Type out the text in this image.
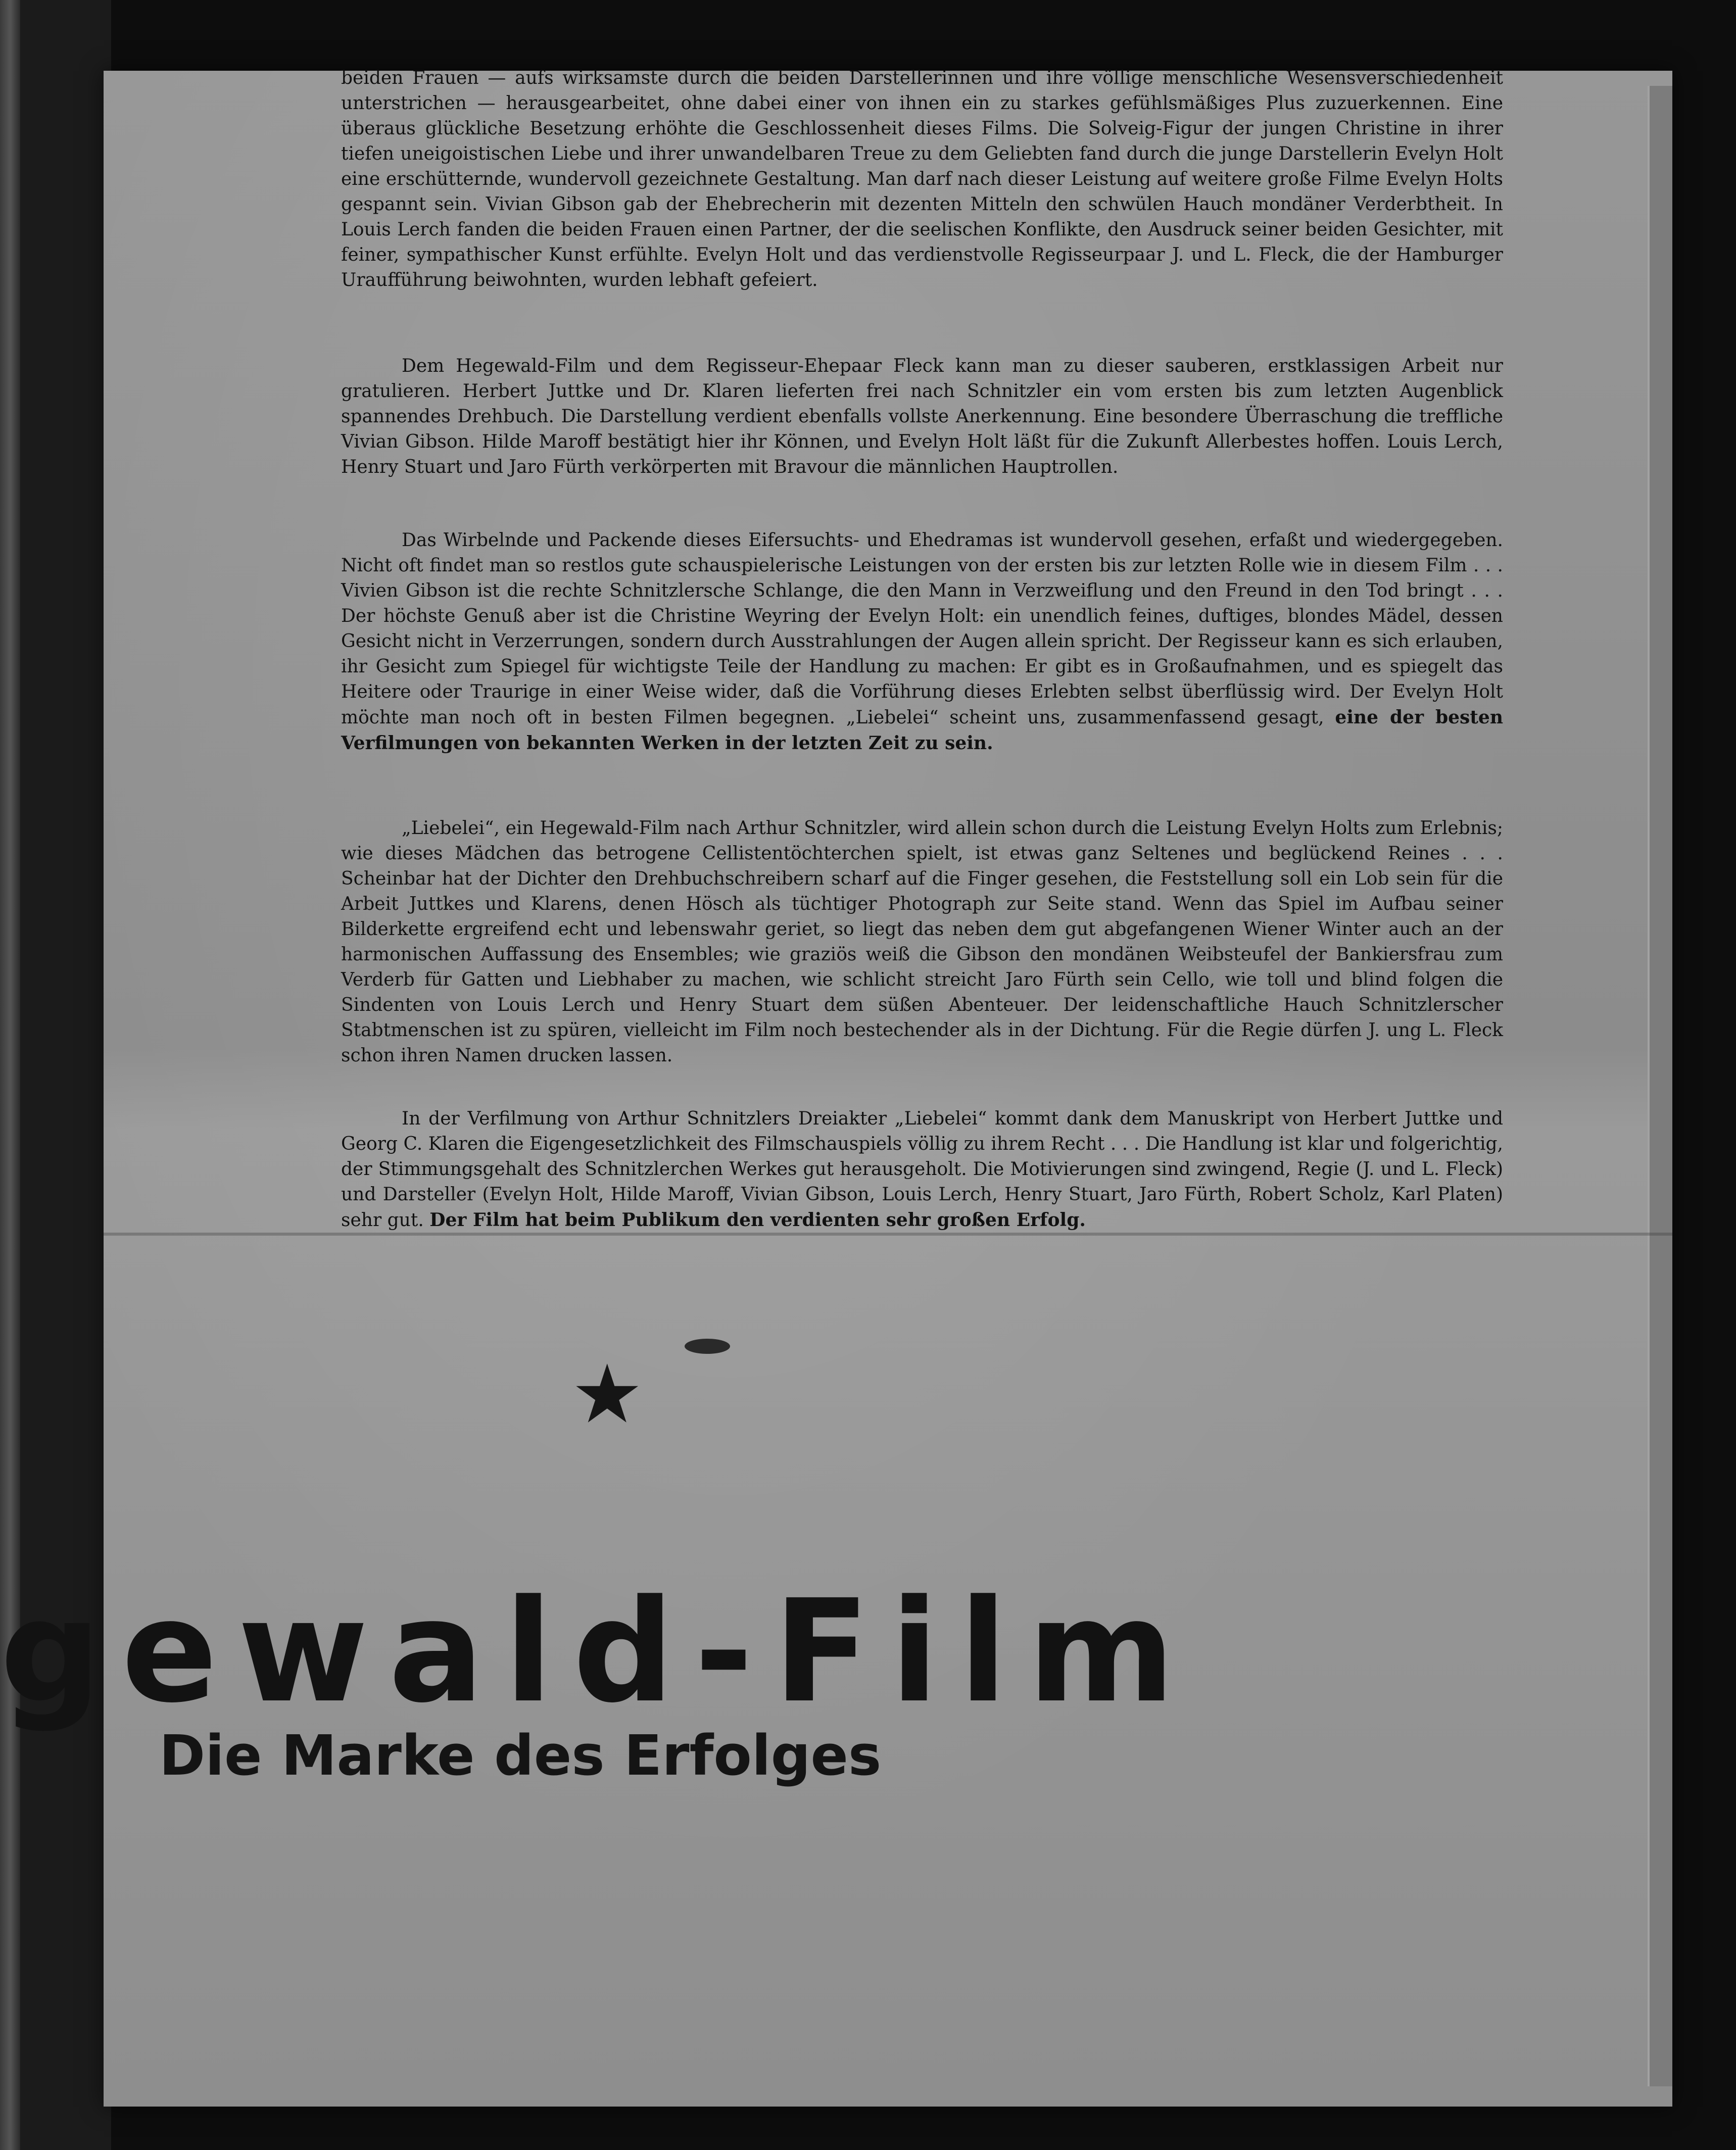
beiden Frauen — aufs wirksamste durch die beiden Darstellerinnen und ihre völlige menschliche Wesensverschiedenheit unterstrichen — herausgearbeitet, ohne dabei einer von ihnen ein zu starkes gefühlsmäßiges Plus zuzuerkennen. Eine überaus glückliche Besetzung erhöhte die Geschlossenheit dieses Films. Die Solveig-Figur der jungen Christine in ihrer tiefen uneigoistischen Liebe und ihrer unwandelbaren Treue zu dem Geliebten fand durch die junge Darstellerin Evelyn Holt eine erschütternde, wundervoll gezeichnete Gestaltung. Man darf nach dieser Leistung auf weitere große Filme Evelyn Holts gespannt sein. Vivian Gibson gab der Ehebrecherin mit dezenten Mitteln den schwülen Hauch mondäner Verderbtheit. In Louis Lerch fanden die beiden Frauen einen Partner, der die seelischen Konflikte, den Ausdruck seiner beiden Gesichter, mit feiner, sympathischer Kunst erfühlte. Evelyn Holt und das verdienstvolle Regisseurpaar J. und L. Fleck, die der Hamburger Uraufführung beiwohnten, wurden lebhaft gefeiert.

Dem Hegewald-Film und dem Regisseur-Ehepaar Fleck kann man zu dieser sauberen, erstklassigen Arbeit nur gratulieren. Herbert Juttke und Dr. Klaren lieferten frei nach Schnitzler ein vom ersten bis zum letzten Augenblick spannendes Drehbuch. Die Darstellung verdient ebenfalls vollste Anerkennung. Eine besondere Überraschung die treffliche Vivian Gibson. Hilde Maroff bestätigt hier ihr Können, und Evelyn Holt läßt für die Zukunft Allerbestes hoffen. Louis Lerch, Henry Stuart und Jaro Fürth verkörperten mit Bravour die männlichen Hauptrollen.

Das Wirbelnde und Packende dieses Eifersuchts- und Ehedramas ist wundervoll gesehen, erfaßt und wiedergegeben. Nicht oft findet man so restlos gute schauspielerische Leistungen von der ersten bis zur letzten Rolle wie in diesem Film . . . Vivien Gibson ist die rechte Schnitzlersche Schlange, die den Mann in Verzweiflung und den Freund in den Tod bringt . . . Der höchste Genuß aber ist die Christine Weyring der Evelyn Holt: ein unendlich feines, duftiges, blondes Mädel, dessen Gesicht nicht in Verzerrungen, sondern durch Ausstrahlungen der Augen allein spricht. Der Regisseur kann es sich erlauben, ihr Gesicht zum Spiegel für wichtigste Teile der Handlung zu machen: Er gibt es in Großaufnahmen, und es spiegelt das Heitere oder Traurige in einer Weise wider, daß die Vorführung dieses Erlebten selbst überflüssig wird. Der Evelyn Holt möchte man noch oft in besten Filmen begegnen. „Liebelei“ scheint uns, zusammenfassend gesagt, eine der besten Verfilmungen von bekannten Werken in der letzten Zeit zu sein.

„Liebelei“, ein Hegewald-Film nach Arthur Schnitzler, wird allein schon durch die Leistung Evelyn Holts zum Erlebnis; wie dieses Mädchen das betrogene Cellistentöchterchen spielt, ist etwas ganz Seltenes und beglückend Reines . . . Scheinbar hat der Dichter den Drehbuchschreibern scharf auf die Finger gesehen, die Feststellung soll ein Lob sein für die Arbeit Juttkes und Klarens, denen Hösch als tüchtiger Photograph zur Seite stand. Wenn das Spiel im Aufbau seiner Bilderkette ergreifend echt und lebenswahr geriet, so liegt das neben dem gut abgefangenen Wiener Winter auch an der harmonischen Auffassung des Ensembles; wie graziös weiß die Gibson den mondänen Weibsteufel der Bankiersfrau zum Verderb für Gatten und Liebhaber zu machen, wie schlicht streicht Jaro Fürth sein Cello, wie toll und blind folgen die Sindenten von Louis Lerch und Henry Stuart dem süßen Abenteuer. Der leidenschaftliche Hauch Schnitzlerscher Stabtmenschen ist zu spüren, vielleicht im Film noch bestechender als in der Dichtung. Für die Regie dürfen J. ung L. Fleck schon ihren Namen drucken lassen.

In der Verfilmung von Arthur Schnitzlers Dreiakter „Liebelei“ kommt dank dem Manuskript von Herbert Juttke und Georg C. Klaren die Eigengesetzlichkeit des Filmschauspiels völlig zu ihrem Recht . . . Die Handlung ist klar und folgerichtig, der Stimmungsgehalt des Schnitzlerchen Werkes gut herausgeholt. Die Motivierungen sind zwingend, Regie (J. und L. Fleck) und Darsteller (Evelyn Holt, Hilde Maroff, Vivian Gibson, Louis Lerch, Henry Stuart, Jaro Fürth, Robert Scholz, Karl Platen) sehr gut. Der Film hat beim Publikum den verdienten sehr großen Erfolg.

★
gewald-Film
Die Marke des Erfolges
